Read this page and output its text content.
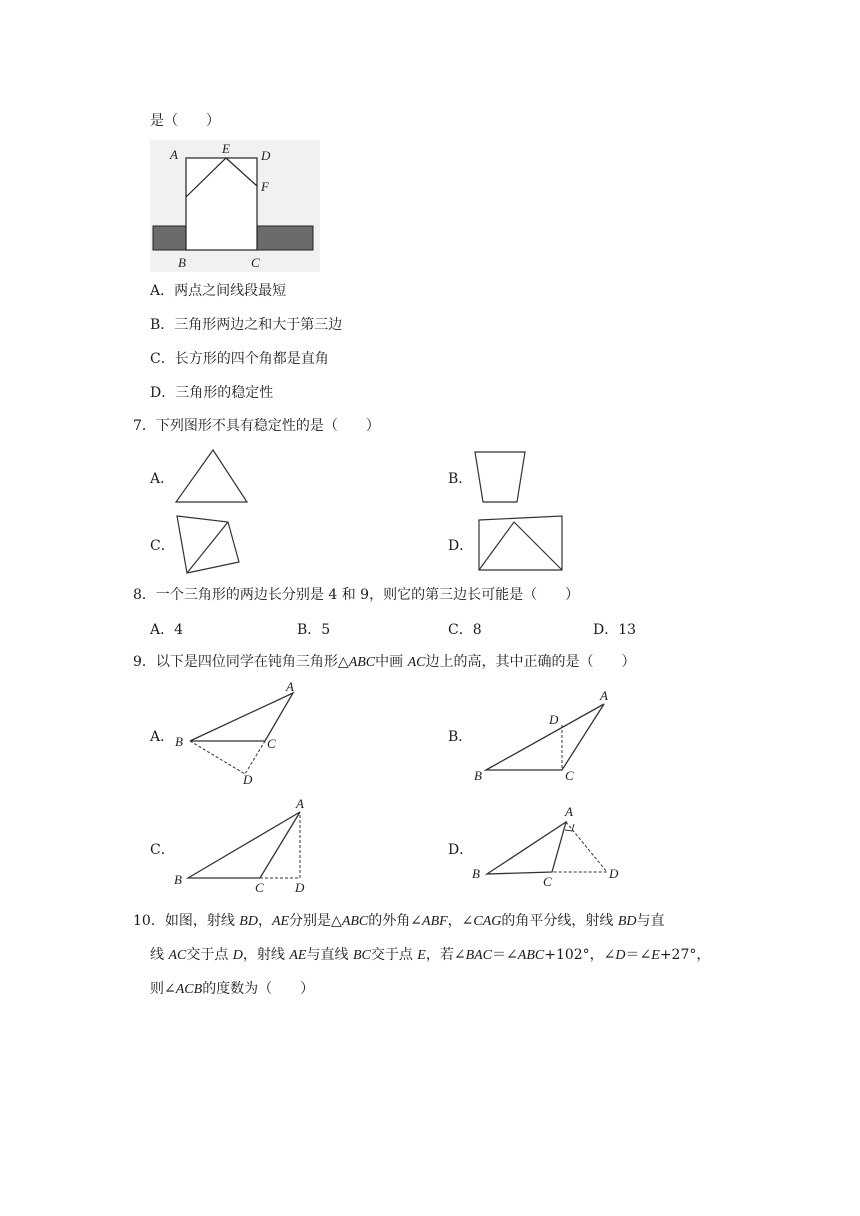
是（　　）
A	E D
F
B	C
A．两点之间线段最短
B．三角形两边之和大于第三边
C．长方形的四个角都是直角
D．三角形的稳定性
7．下列图形不具有稳定性的是（　　）
A．	B．
C．	D．
8．一个三角形的两边长分别是 4 和 9，则它的第三边长可能是（　　）
A．4	B．5	C．8	D．13
9．以下是四位同学在钝角三角形△ABC中画 AC边上的高，其中正确的是（　　）
A．
A
B	C
D
B．
A
B	C
D
C．
A
B
C D
D．
A
B
C
D
10．如图，射线 BD，AE分别是△ABC的外角∠ABF，∠CAG的角平分线，射线 BD与直
线 AC交于点 D，射线 AE与直线 BC交于点 E，若∠BAC＝∠ABC+102°，∠D＝∠E+27°，
则∠ACB的度数为（　　）
